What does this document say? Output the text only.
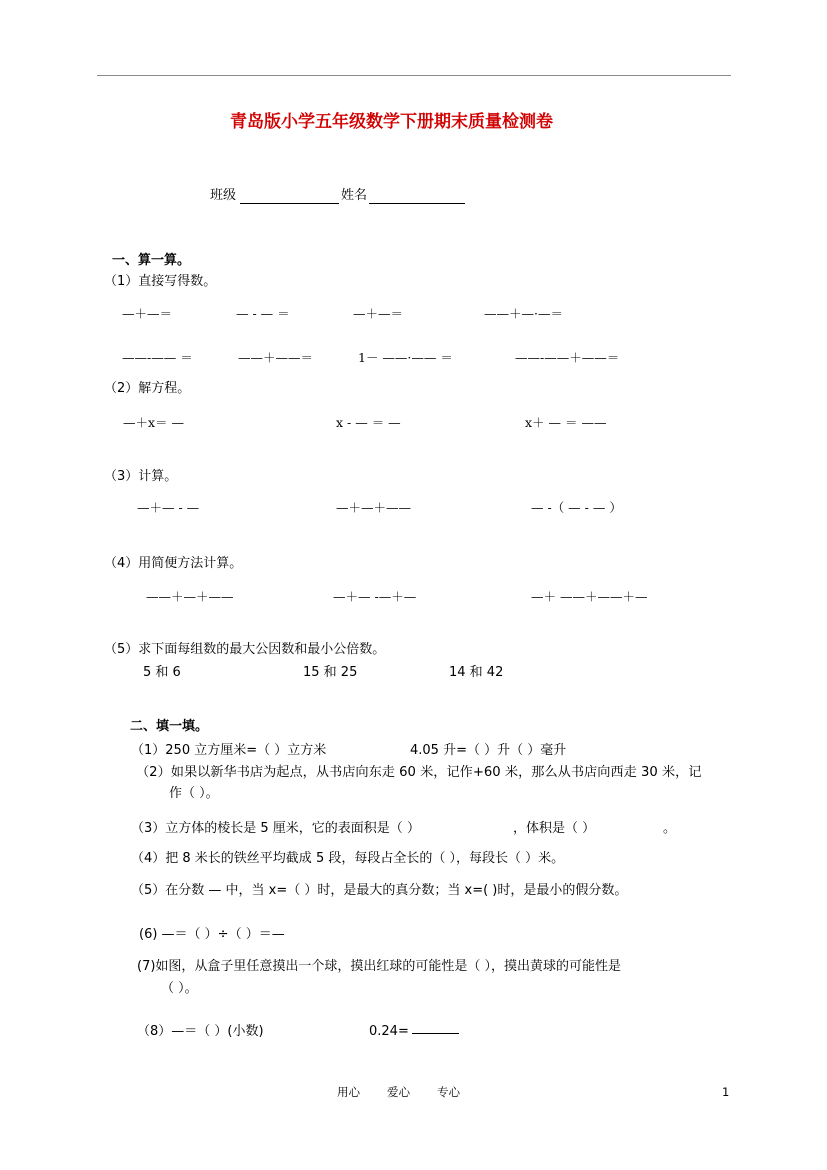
青岛版小学五年级数学下册期末质量检测卷
班级	姓名
一、算一算。
（1）直接写得数。
—＋—＝	— - — ＝	—＋—＝	——＋—·—＝
——-—— ＝	——＋——＝	1－ ——·—— ＝	——-——＋——＝
（2）解方程。
—＋x＝ —	x - — ＝ —	x＋ — ＝ ——
（3）计算。
—＋— - —	—＋—＋——	— -（ — - — ）
（4）用简便方法计算。
——＋—＋——	—＋— -—＋—	—＋ ——＋——＋—
（5）求下面每组数的最大公因数和最小公倍数。
5 和 6	15 和 25	14 和 42
二、填一填。
（1）250 立方厘米=（ ）立方米	4.05 升=（ ）升（ ）毫升
（2）如果以新华书店为起点，从书店向东走 60 米，记作+60 米，那么从书店向西走 30 米，记
作（ ）。
（3）立方体的棱长是 5 厘米，它的表面积是（ ）	，体积是（ ）	。
（4）把 8 米长的铁丝平均截成 5 段，每段占全长的（ ），每段长（ ）米。
（5）在分数 — 中，当 x=（ ）时，是最大的真分数；当 x=( )时，是最小的假分数。
(6) —＝（ ）÷（ ）＝—
(7)如图，从盒子里任意摸出一个球，摸出红球的可能性是（ ），摸出黄球的可能性是
（ ）。
（8）—＝（ ）(小数)	0.24=
用心 爱心 专心	1
